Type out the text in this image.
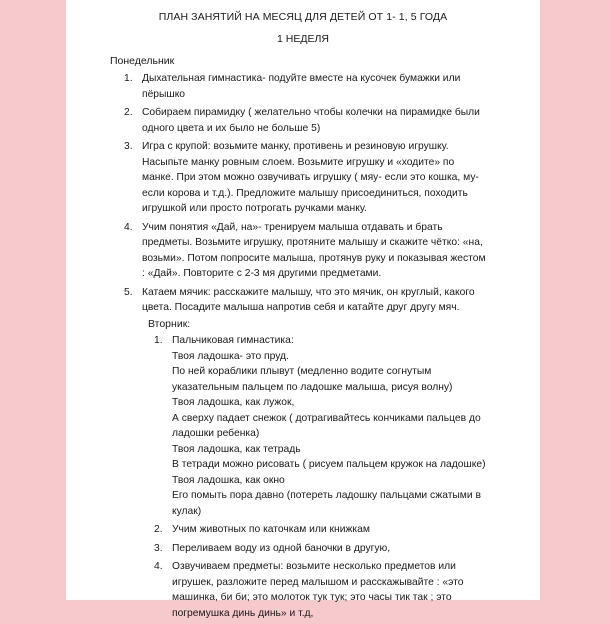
ПЛАН ЗАНЯТИЙ НА МЕСЯЦ ДЛЯ ДЕТЕЙ ОТ 1- 1, 5 ГОДА
1 НЕДЕЛЯ
Понедельник
1. Дыхательная гимнастика- подуйте вместе на кусочек бумажки или
пёрышко
2. Собираем пирамидку ( желательно чтобы колечки на пирамидке были
одного цвета и их было не больше 5)
3. Игра с крупой: возьмите манку, противень и резиновую игрушку.
Насыпьте манку ровным слоем. Возьмите игрушку и «ходите» по
манке. При этом можно озвучивать игрушку ( мяу- если это кошка, му-
если корова и т.д.). Предложите малышу присоединиться, походить
игрушкой или просто потрогать ручками манку.
4. Учим понятия «Дай, на»- тренируем малыша отдавать и брать
предметы. Возьмите игрушку, протяните малышу и скажите чётко: «на,
возьми». Потом попросите малыша, протянув руку и показывая жестом
: «Дай». Повторите с 2-3 мя другими предметами.
5. Катаем мячик: расскажите малышу, что это мячик, он круглый, какого
цвета. Посадите малыша напротив себя и катайте друг другу мяч.
Вторник:
1. Пальчиковая гимнастика:
Твоя ладошка- это пруд.
По ней кораблики плывут (медленно водите согнутым
указательным пальцем по ладошке малыша, рисуя волну)
Твоя ладошка, как лужок,
А сверху падает снежок ( дотрагивайтесь кончиками пальцев до
ладошки ребенка)
Твоя ладошка, как тетрадь
В тетради можно рисовать ( рисуем пальцем кружок на ладошке)
Твоя ладошка, как окно
Его помыть пора давно (потереть ладошку пальцами сжатыми в
кулак)
2. Учим животных по каточкам или книжкам
3. Переливаем воду из одной баночки в другую,
4. Озвучиваем предметы: возьмите несколько предметов или
игрушек, разложите перед малышом и расскажывайте : «это
машинка, би би; это молоток тук тук; это часы тик так ; это
погремушка динь динь» и т.д,
